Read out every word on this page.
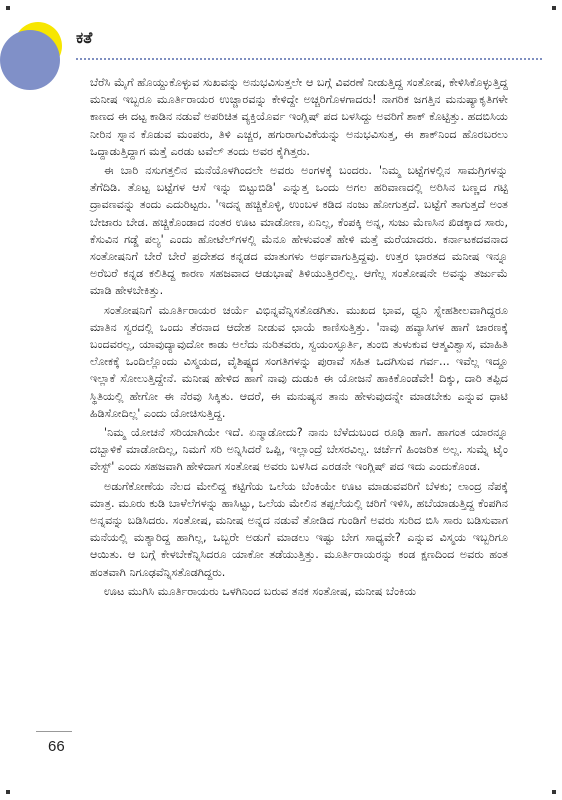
ಕತೆ

ಬೆರೆಸಿ ಮೈಗೆ ಹೊಯ್ದುಕೊಳ್ಳುವ ಸುಖವನ್ನು ಅನುಭವಿಸುತ್ತಲೇ ಆ ಬಗ್ಗೆ ವಿವರಣೆ ನೀಡುತ್ತಿದ್ದ ಸಂತೋಷ, ಕೇಳಿಸಿಕೊಳ್ಳುತ್ತಿದ್ದ ಮನೀಷ ಇಬ್ಬರೂ ಮೂರ್ತಿರಾಯರ ಉಚ್ಚಾರವನ್ನು ಕೇಳಿದ್ದೇ ಅಚ್ಚರಿಗೊಳಗಾದರು! ನಾಗರಿಕ ಜಗತ್ತಿನ ಮನುಷ್ಯಾಕೃತಿಗಳೇ ಕಾಣದ ಈ ದಟ್ಟ ಕಾಡಿನ ನಡುವೆ ಅಪರಿಚಿತ ವ್ಯಕ್ತಿಯೊರ್ವ ಇಂಗ್ಲಿಷ್ ಪದ ಬಳಸಿದ್ದು ಅವರಿಗೆ ಶಾಕ್ ಕೊಟ್ಟಿತ್ತು. ಹದಬಿಸಿಯ ನೀರಿನ ಸ್ನಾನ ಕೊಡುವ ಮಂಪರು, ತಿಳಿ ಎಚ್ಚರ, ಹಗುರಾಗುವಿಕೆಯನ್ನು ಅನುಭವಿಸುತ್ತ, ಈ ಶಾಕ್‌ನಿಂದ ಹೊರಬರಲು ಒದ್ದಾಡುತ್ತಿದ್ದಾಗ ಮತ್ತೆ ಎರಡು ಟವೆಲ್ ತಂದು ಅವರ ಕೈಗಿತ್ತರು.

ಈ ಬಾರಿ ನಸುಗತ್ತಲಿನ ಮನೆಯೊಳಗಿಂದಲೇ ಅವರು ಅಂಗಳಕ್ಕೆ ಬಂದರು. 'ನಿಮ್ಮ ಬಟ್ಟೆಗಳಲ್ಲಿನ ಸಾಮಗ್ರಿಗಳನ್ನು ತೆಗೆದಿಡಿ. ತೊಟ್ಟ ಬಟ್ಟೆಗಳ ಆಸೆ ಇನ್ನು ಬಿಟ್ಟುಬಿಡಿ' ಎನ್ನುತ್ತ ಒಂದು ಅಗಲ ಹರಿವಾಣದಲ್ಲಿ ಅರಿಸಿನ ಬಣ್ಣದ ಗಟ್ಟಿ ದ್ರಾವಣವನ್ನು ತಂದು ಎದುರಿಟ್ಟರು. 'ಇದನ್ನ ಹಚ್ಚಿಕೊಳ್ಳಿ, ಉಂಬಳ ಕಡಿದ ನಂಜು ಹೋಗುತ್ತದೆ. ಬಟ್ಟೆಗೆ ತಾಗುತ್ತದೆ ಅಂತ ಬೇಜಾರು ಬೇಡ. ಹಚ್ಚಿಕೊಂಡಾದ ನಂತರ ಊಟ ಮಾಡೋಣ, ಏನಿಲ್ಲ, ಕೆಂಪಕ್ಕಿ ಅನ್ನ, ಸುಜು ಮೆಣಸಿನ ಖಿಡಕ್ಕಾದ ಸಾರು, ಕೆಸುವಿನ ಗಡ್ಡೆ ಪಲ್ಯ' ಎಂದು ಹೋಟೆಲ್‌ಗಳಲ್ಲಿ ಮೆನೂ ಹೇಳುವಂತೆ ಹೇಳಿ ಮತ್ತೆ ಮರೆಯಾದರು. ಕರ್ನಾಟಕದವನಾದ ಸಂತೋಷನಿಗೆ ಬೇರೆ ಬೇರೆ ಪ್ರದೇಶದ ಕನ್ನಡದ ಮಾತುಗಳು ಅರ್ಥವಾಗುತ್ತಿದ್ದವು. ಉತ್ತರ ಭಾರತದ ಮನೀಷ ಇನ್ನೂ ಅರೆಬರೆ ಕನ್ನಡ ಕಲಿತಿದ್ದ ಕಾರಣ ಸಹಜವಾದ ಆಡುಭಾಷೆ ತಿಳಿಯುತ್ತಿರಲಿಲ್ಲ. ಆಗೆಲ್ಲ ಸಂತೋಷನೇ ಅವನ್ನು ತರ್ಜುಮೆ ಮಾಡಿ ಹೇಳಬೇಕಿತ್ತು.

ಸಂತೋಷನಿಗೆ ಮೂರ್ತಿರಾಯರ ಚರ್ಯೆ ವಿಭಿನ್ನವೆನ್ನಿಸತೊಡಗಿತು. ಮುಖದ ಭಾವ, ಧ್ವನಿ ಸ್ನೇಹಶೀಲವಾಗಿದ್ದರೂ ಮಾತಿನ ಸ್ವರದಲ್ಲಿ ಒಂದು ತೆರನಾದ ಆದೇಶ ನೀಡುವ ಛಾಯೆ ಕಾಣಿಸುತ್ತಿತ್ತು. 'ನಾವು ಹವ್ಯಾಸಿಗಳ ಹಾಗೆ ಚಾರಣಕ್ಕೆ ಬಂದವರಲ್ಲ, ಯಾವುದ್ಯಾವುದೋ ಕಾಡು ಅಲೆದು ನುರಿತವರು, ಸ್ವಯಂಸ್ಫೂರ್ತಿ, ತುಂಬಿ ತುಳುಕುವ ಆತ್ಮವಿಶ್ವಾಸ, ಮಾಹಿತಿ ಲೋಕಕ್ಕೆ ಒಂದಿಲ್ಲೊಂದು ವಿಸ್ಮಯದ, ವೈಶಿಷ್ಟ್ಯದ ಸಂಗತಿಗಳನ್ನು ಪುರಾವೆ ಸಹಿತ ಒದಗಿಸುವ ಗರ್ವ... ಇವೆಲ್ಲ ಇದ್ದೂ ಇಲ್ಲಾಕೆ ಸೋಲುತ್ತಿದ್ದೇನೆ. ಮನೀಷ ಹೇಳಿದ ಹಾಗೆ ನಾವು ದುಡುಕಿ ಈ ಯೋಜನೆ ಹಾಕಿಕೊಂಡೆವೇ! ದಿಕ್ಕು, ದಾರಿ ತಪ್ಪಿದ ಸ್ಥಿತಿಯಲ್ಲಿ ಹೇಗೋ ಈ ನೆರವು ಸಿಕ್ಕಿತು. ಆದರೆ, ಈ ಮನುಷ್ಯನ ತಾನು ಹೇಳುವುದನ್ನೇ ಮಾಡಬೇಕು ಎನ್ನುವ ಧಾಟಿ ಹಿಡಿಸೋದಿಲ್ಲ' ಎಂದು ಯೋಚಿಸುತ್ತಿದ್ದ.

'ನಿಮ್ಮ ಯೋಚನೆ ಸರಿಯಾಗಿಯೇ ಇದೆ. ಏನ್ಮಾಡೋದು? ನಾನು ಬೆಳೆದುಬಂದ ರೂಢಿ ಹಾಗೆ. ಹಾಗಂತ ಯಾರನ್ನೂ ದಬ್ಬಾಳಿಕೆ ಮಾಡೋದಿಲ್ಲ, ನಿಮಗೆ ಸರಿ ಅನ್ನಿಸಿದರೆ ಒಪ್ಪಿ, ಇಲ್ಲಾಂದ್ರೆ ಬೇಸರವಿಲ್ಲ. ಚರ್ಚೆಗೆ ಹಿಂಜರಿತ ಅಲ್ಲ. ಸುಮ್ನೆ ಟೈಂ ವೇಸ್ಟ್' ಎಂದು ಸಹಜವಾಗಿ ಹೇಳಿದಾಗ ಸಂತೋಷ ಅವರು ಬಳಸಿದ ಎರಡನೇ ಇಂಗ್ಲಿಷ್ ಪದ ಇದು ಎಂದುಕೊಂಡ.

ಅಡುಗೆಕೋಣೆಯ ನೆಲದ ಮೇಲಿದ್ದ ಕಟ್ಟಿಗೆಯ ಒಲೆಯ ಬೆಂಕಿಯೇ ಊಟ ಮಾಡುವವರಿಗೆ ಬೆಳಕು; ಲಾಂದ್ರ ನೆಪಕ್ಕೆ ಮಾತ್ರ. ಮೂರು ಕುಡಿ ಬಾಳೆಲೆಗಳನ್ನು ಹಾಸಿಟ್ಟು, ಒಲೆಯ ಮೇಲಿನ ತಪ್ಪಲೆಯಲ್ಲಿ ಚರಿಗೆ ಇಳಿಸಿ, ಹಬೆಯಾಡುತ್ತಿದ್ದ ಕೆಂಪಗಿನ ಅನ್ನವನ್ನು ಬಡಿಸಿದರು. ಸಂತೋಷ, ಮನೀಷ ಅನ್ನದ ನಡುವೆ ತೋಡಿದ ಗುಂಡಿಗೆ ಅವರು ಸುರಿದ ಬಿಸಿ ಸಾರು ಬಡಿಸುವಾಗ ಮನೆಯಲ್ಲಿ ಮತ್ಯಾರಿದ್ದ ಹಾಗಿಲ್ಲ, ಒಬ್ಬರೇ ಅಡುಗೆ ಮಾಡಲು ಇಷ್ಟು ಬೇಗ ಸಾಧ್ಯವೇ? ಎನ್ನುವ ವಿಸ್ಮಯ ಇಬ್ಬರಿಗೂ ಆಯಿತು. ಆ ಬಗ್ಗೆ ಕೇಳಬೇಕೆನ್ನಿಸಿದರೂ ಯಾಕೋ ತಡೆಯುತ್ತಿತ್ತು. ಮೂರ್ತಿರಾಯರನ್ನು ಕಂಡ ಕ್ಷಣದಿಂದ ಅವರು ಹಂತ ಹಂತವಾಗಿ ನಿಗೂಢವೆನ್ನಿಸತೊಡಗಿದ್ದರು.

ಊಟ ಮುಗಿಸಿ ಮೂರ್ತಿರಾಯರು ಒಳಗಿನಿಂದ ಬರುವ ತನಕ ಸಂತೋಷ, ಮನೀಷ ಬೆಂಕಿಯ

66
